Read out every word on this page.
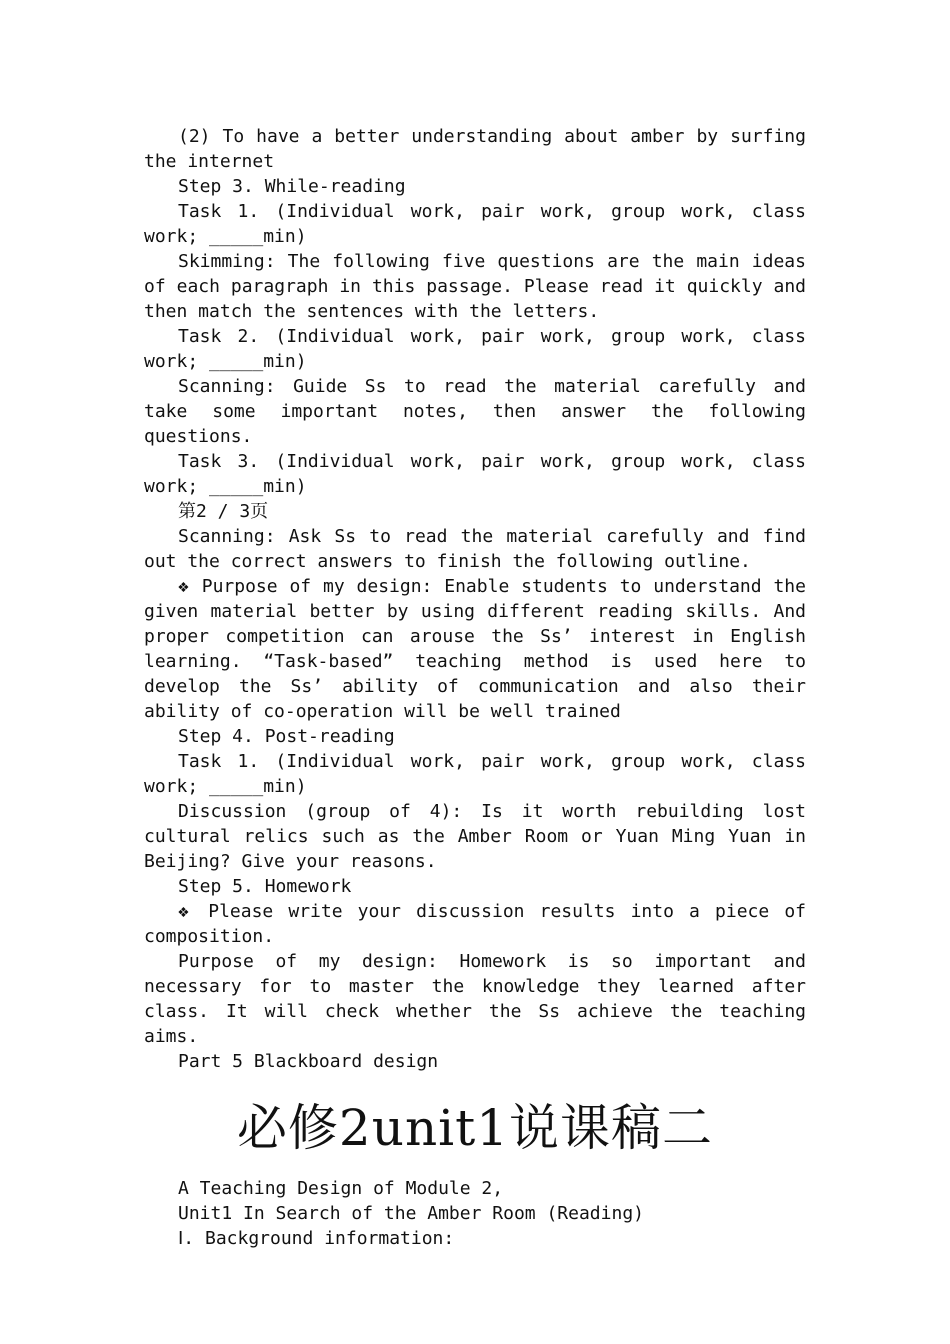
(2) To have a better understanding about amber by surfing the internet

Step 3. While-reading

Task 1. (Individual work, pair work, group work, class work; _____min)

Skimming: The following five questions are the main ideas of each paragraph in this passage. Please read it quickly and then match the sentences with the letters.

Task 2. (Individual work, pair work, group work, class work; _____min)

Scanning: Guide Ss to read the material carefully and take some important notes, then answer the following questions.

Task 3. (Individual work, pair work, group work, class work; _____min)

第2 / 3页

Scanning: Ask Ss to read the material carefully and find out the correct answers to finish the following outline.

❖ Purpose of my design: Enable students to understand the given material better by using different reading skills. And proper competition can arouse the Ss’ interest in English learning. “Task-based” teaching method is used here to develop the Ss’ ability of communication and also their ability of co-operation will be well trained

Step 4. Post-reading

Task 1. (Individual work, pair work, group work, class work; _____min)

Discussion (group of 4): Is it worth rebuilding lost cultural relics such as the Amber Room or Yuan Ming Yuan in Beijing? Give your reasons.

Step 5. Homework

❖ Please write your discussion results into a piece of composition.

Purpose of my design: Homework is so important and necessary for to master the knowledge they learned after class. It will check whether the Ss achieve the teaching aims.

Part 5 Blackboard design

必修2unit1说课稿二

A Teaching Design of Module 2,

Unit1 In Search of the Amber Room (Reading)

Ⅰ. Background information:
